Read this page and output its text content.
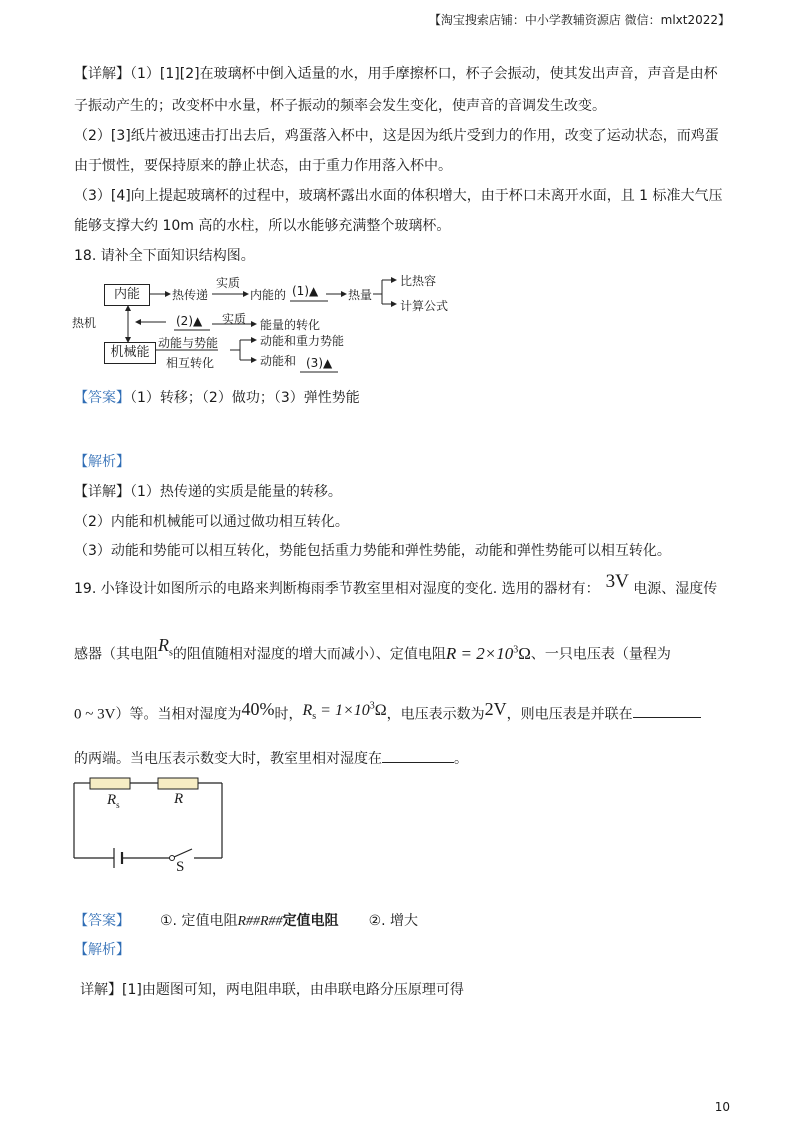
【淘宝搜索店铺：中小学教辅资源店 微信：mlxt2022】
【详解】（1）[1][2]在玻璃杯中倒入适量的水，用手摩擦杯口，杯子会振动，使其发出声音，声音是由杯
子振动产生的；改变杯中水量，杯子振动的频率会发生变化，使声音的音调发生改变。
（2）[3]纸片被迅速击打出去后，鸡蛋落入杯中，这是因为纸片受到力的作用，改变了运动状态，而鸡蛋
由于惯性，要保持原来的静止状态，由于重力作用落入杯中。
（3）[4]向上提起玻璃杯的过程中，玻璃杯露出水面的体积增大，由于杯口未离开水面，且 1 标准大气压
能够支撑大约 10m 高的水柱，所以水能够充满整个玻璃杯。
18. 请补全下面知识结构图。
内能
机械能
热传递
实质
内能的 (1)▲ 热量
比热容
计算公式
热机	(2)▲ 实质 能量的转化
动能与势能
相互转化
动能和重力势能
动能和 (3)▲
【答案】（1）转移；（2）做功；（3）弹性势能
【解析】
【详解】（1）热传递的实质是能量的转移。
（2）内能和机械能可以通过做功相互转化。
（3）动能和势能可以相互转化，势能包括重力势能和弹性势能，动能和弹性势能可以相互转化。
19. 小锋设计如图所示的电路来判断梅雨季节教室里相对湿度的变化. 选用的器材有： 3V 电源、湿度传
感器（其电阻$R_s$的阻值随相对湿度的增大而减小）、定值电阻$R = 2\times 10^3\Omega$、一只电压表（量程为
0 ~ 3V）等。当相对湿度为40%时，$R_s = 1\times 10^3\Omega$，电压表示数为2V，则电压表是并联在
的两端。当电压表示数变大时，教室里相对湿度在	。
$R_s$	R
S
【答案】 ①. 定值电阻R##R##定值电阻 ②. 增大
【解析】
详解】[1]由题图可知，两电阻串联，由串联电路分压原理可得
10
